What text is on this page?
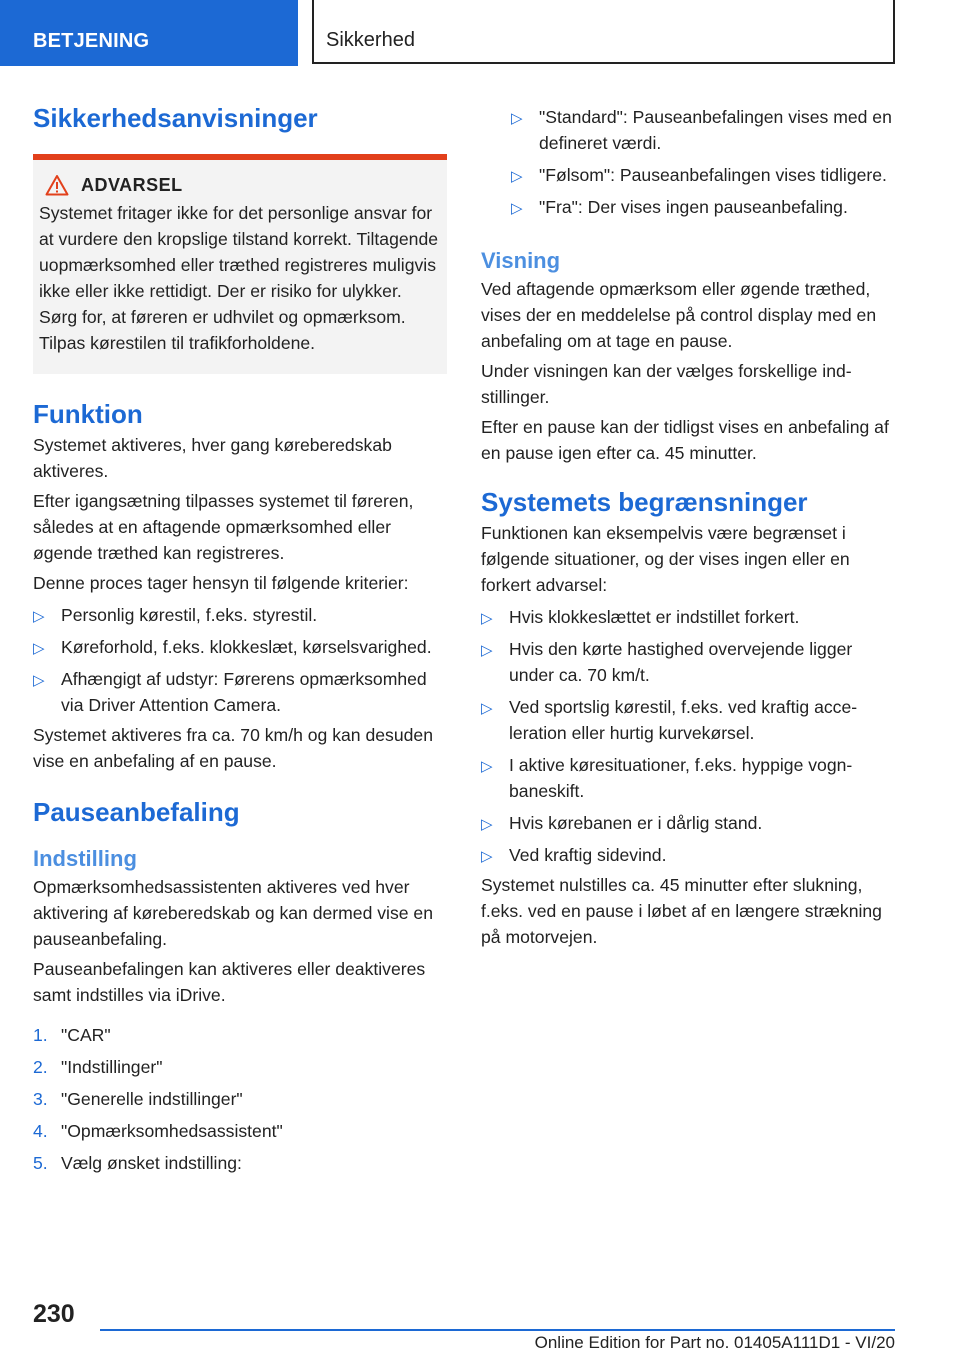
BETJENING	Sikkerhed
Sikkerhedsanvisninger
ADVARSEL

Systemet fritager ikke for det personlige ansvar for at vurdere den kropslige tilstand korrekt. Tiltagende uopmærksomhed eller træthed registreres muligvis ikke eller ikke rettidigt. Der er risiko for ulykker. Sørg for, at føreren er udhvilet og opmærksom. Tilpas kørestilen til trafikforholdene.

Funktion

Systemet aktiveres, hver gang køreberedskab aktiveres.

Efter igangsætning tilpasses systemet til føreren, således at en aftagende opmærksomhed eller øgende træthed kan registreres.

Denne proces tager hensyn til følgende kriterier:

▷ Personlig kørestil, f.eks. styrestil.
▷ Køreforhold, f.eks. klokkeslæt, kørselsvarighed.
▷ Afhængigt af udstyr: Førerens opmærksomhed via Driver Attention Camera.

Systemet aktiveres fra ca. 70 km/h og kan desuden vise en anbefaling af en pause.

Pauseanbefaling
Indstilling

Opmærksomhedsassistenten aktiveres ved hver aktivering af køreberedskab og kan dermed vise en pauseanbefaling.

Pauseanbefalingen kan aktiveres eller deaktiveres samt indstilles via iDrive.

1. "CAR"
2. "Indstillinger"
3. "Generelle indstillinger"
4. "Opmærksomhedsassistent"
5. Vælg ønsket indstilling:
▷ "Standard": Pauseanbefalingen vises med en defineret værdi.
▷ "Følsom": Pauseanbefalingen vises tidligere.
▷ "Fra": Der vises ingen pauseanbefaling.
Visning

Ved aftagende opmærksom eller øgende træthed, vises der en meddelelse på control display med en anbefaling om at tage en pause.

Under visningen kan der vælges forskellige indstillinger.

Efter en pause kan der tidligst vises en anbefaling af en pause igen efter ca. 45 minutter.

Systemets begrænsninger

Funktionen kan eksempelvis være begrænset i følgende situationer, og der vises ingen eller en forkert advarsel:

▷ Hvis klokkeslættet er indstillet forkert.
▷ Hvis den kørte hastighed overvejende ligger under ca. 70 km/t.
▷ Ved sportslig kørestil, f.eks. ved kraftig acceleration eller hurtig kurvekørsel.
▷ I aktive køresituationer, f.eks. hyppige vognbaneskift.
▷ Hvis kørebanen er i dårlig stand.
▷ Ved kraftig sidevind.

Systemet nulstilles ca. 45 minutter efter slukning, f.eks. ved en pause i løbet af en længere strækning på motorvejen.

230
Online Edition for Part no. 01405A111D1 - VI/20
